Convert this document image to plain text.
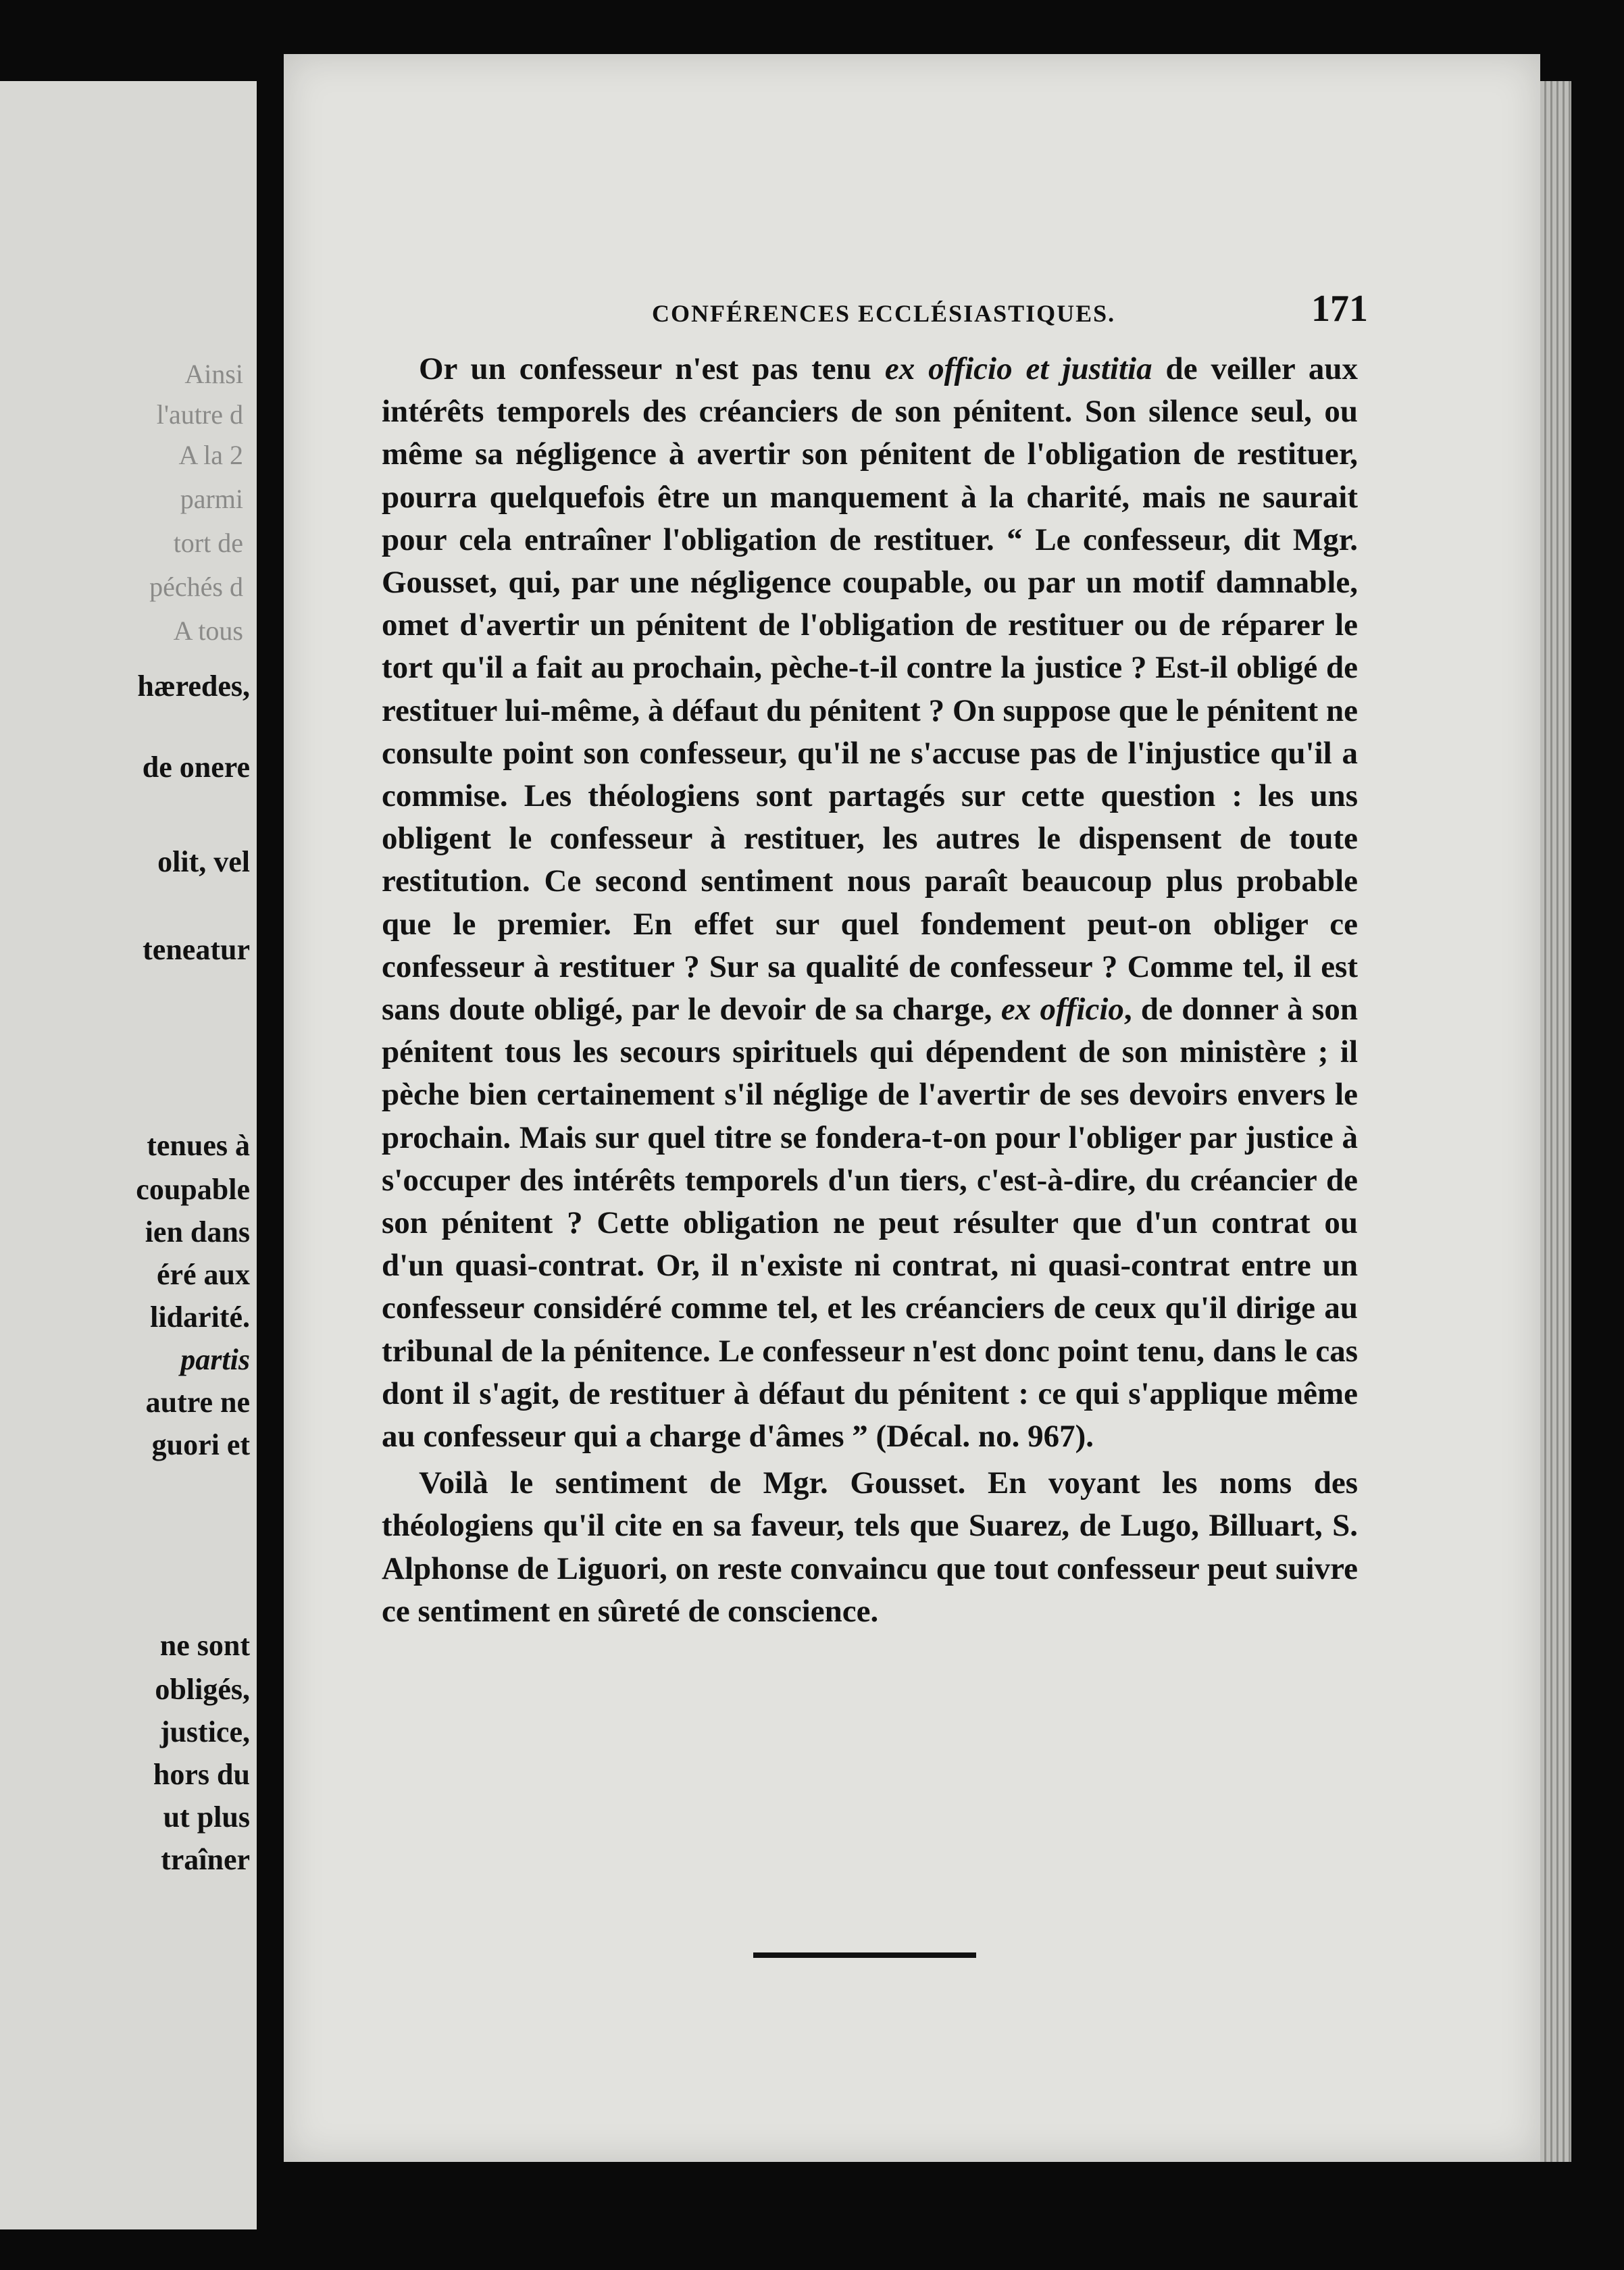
Ainsi
l'autre d
A la 2
parmi
tort de
péchés d
A tous
hæredes,
de onere
olit, vel
teneatur
tenues à
coupable
ien dans
éré aux
lidarité.
partis
autre ne
guori et
ne sont
obligés,
justice,
hors du
ut plus
traîner
CONFÉRENCES ECCLÉSIASTIQUES.	171

Or un confesseur n'est pas tenu ex officio et justitia de veiller aux intérêts temporels des créanciers de son pénitent. Son silence seul, ou même sa négligence à avertir son pénitent de l'obligation de restituer, pourra quelquefois être un manquement à la charité, mais ne saurait pour cela entraîner l'obligation de restituer. “ Le confesseur, dit Mgr. Gousset, qui, par une négligence coupable, ou par un motif damnable, omet d'avertir un pénitent de l'obligation de restituer ou de réparer le tort qu'il a fait au prochain, pèche-t-il contre la justice ? Est-il obligé de restituer lui-même, à défaut du pénitent ? On suppose que le pénitent ne consulte point son confesseur, qu'il ne s'accuse pas de l'injustice qu'il a commise. Les théologiens sont partagés sur cette question : les uns obligent le confesseur à restituer, les autres le dispensent de toute restitution. Ce second sentiment nous paraît beaucoup plus probable que le premier. En effet sur quel fondement peut-on obliger ce confesseur à restituer ? Sur sa qualité de confesseur ? Comme tel, il est sans doute obligé, par le devoir de sa charge, ex officio, de donner à son pénitent tous les secours spirituels qui dépendent de son ministère ; il pèche bien certainement s'il néglige de l'avertir de ses devoirs envers le prochain. Mais sur quel titre se fondera-t-on pour l'obliger par justice à s'occuper des intérêts temporels d'un tiers, c'est-à-dire, du créancier de son pénitent ? Cette obligation ne peut résulter que d'un contrat ou d'un quasi-contrat. Or, il n'existe ni contrat, ni quasi-contrat entre un confesseur considéré comme tel, et les créanciers de ceux qu'il dirige au tribunal de la pénitence. Le confesseur n'est donc point tenu, dans le cas dont il s'agit, de restituer à défaut du pénitent : ce qui s'applique même au confesseur qui a charge d'âmes ” (Décal. no. 967).

Voilà le sentiment de Mgr. Gousset. En voyant les noms des théologiens qu'il cite en sa faveur, tels que Suarez, de Lugo, Billuart, S. Alphonse de Liguori, on reste convaincu que tout confesseur peut suivre ce sentiment en sûreté de conscience.
